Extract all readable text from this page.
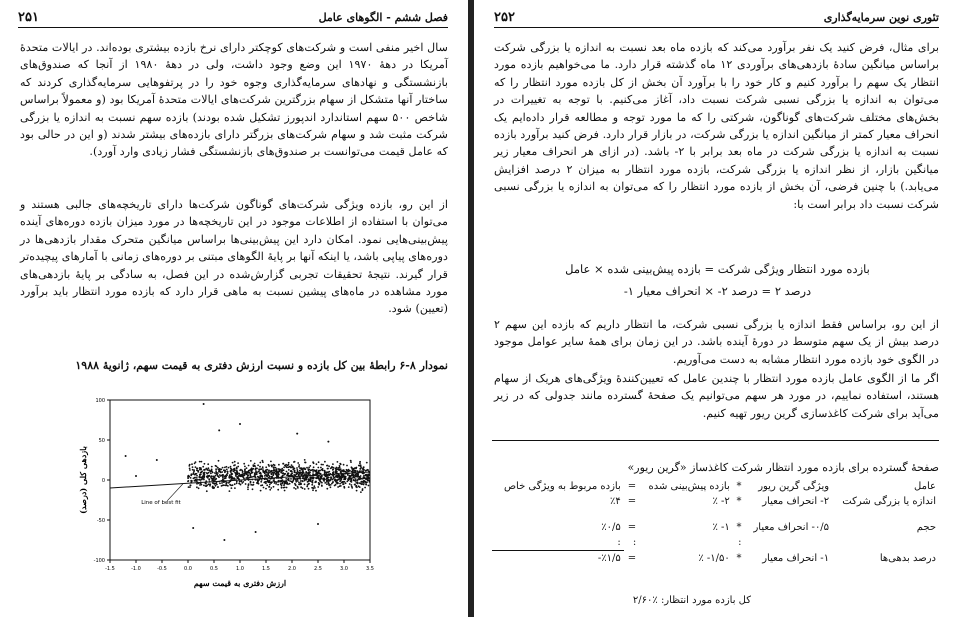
۲۵۱	فصل ششم - الگوهای عامل

سال اخیر منفی است و شرکت‌های کوچکتر دارای نرخ بازده بیشتری بوده‌اند. در ایالات متحدهٔ آمریکا در دههٔ ۱۹۷۰ این وضع وجود داشت، ولی در دههٔ ۱۹۸۰ از آنجا که صندوق‌های بازنشستگی و نهادهای سرمایه‌گذاری وجوه خود را در پرتفوهایی سرمایه‌گذاری کردند که ساختار آنها متشکل از سهام بزرگترین شرکت‌های ایالات متحدهٔ آمریکا بود (و معمولاً براساس شاخص ۵۰۰ سهم استاندارد اندپورز تشکیل شده بودند) بازده سهم نسبت به اندازه یا بزرگی شرکت مثبت شد و سهام شرکت‌های بزرگتر دارای بازده‌های بیشتر شدند (و این در حالی بود که عامل قیمت می‌توانست بر صندوق‌های بازنشستگی فشار زیادی وارد آورد).

از این رو، بازده ویژگی شرکت‌های گوناگون شرکت‌ها دارای تاریخچه‌های جالبی هستند و می‌توان با استفاده از اطلاعات موجود در این تاریخچه‌ها در مورد میزان بازده دوره‌های آینده پیش‌بینی‌هایی نمود. امکان دارد این پیش‌بینی‌ها براساس میانگین متحرک مقدار بازدهی‌ها در دوره‌های پیاپی باشد، یا اینکه آنها بر پایهٔ الگوهای مبتنی بر دوره‌های زمانی با آمارهای پیچیده‌تر قرار گیرند. نتیجهٔ تحقیقات تجربی گزارش‌شده در این فصل، به سادگی بر پایهٔ بازدهی‌های مورد مشاهده در ماه‌های پیشین نسبت به ماهی قرار دارد که بازده مورد انتظار باید برآورد (تعیین) شود.

نمودار ۸-۶ رابطهٔ بین کل بازده و نسبت ارزش دفتری به قیمت سهم، ژانویهٔ ۱۹۸۸
100
50
0
-50
-100
-1.5	-1.0	-0.5	0.0	0.5	1.0	1.5	2.0	2.5	3.0	3.5
ارزش دفتری به قیمت سهم
بازدهی کلی (درصد)	Line of best fit
۲۵۲	تئوری نوین سرمایه‌گذاری

برای مثال، فرض کنید یک نفر برآورد می‌کند که بازده ماه بعد نسبت به اندازه یا بزرگی شرکت براساس میانگین سادهٔ بازدهی‌های برآوردی ۱۲ ماه گذشته قرار دارد. ما می‌خواهیم بازده مورد انتظار یک سهم را برآورد کنیم و کار خود را با برآورد آن بخش از کل بازده مورد انتظار را که می‌توان به اندازه یا بزرگی نسبی شرکت نسبت داد، آغاز می‌کنیم. با توجه به تغییرات در بخش‌های مختلف شرکت‌های گوناگون، شرکتی را که ما مورد توجه و مطالعه قرار داده‌ایم یک انحراف معیار کمتر از میانگین اندازه یا بزرگی شرکت، در بازار قرار دارد. فرض کنید برآورد بازده نسبت به اندازه یا بزرگی شرکت در ماه بعد برابر با ۲- باشد. (در ازای هر انحراف معیار زیر میانگین بازار، از نظر اندازه یا بزرگی شرکت، بازده مورد انتظار به میزان ۲ درصد افزایش می‌یابد.) با چنین فرضی، آن بخش از بازده مورد انتظار را که می‌توان به اندازه یا بزرگی نسبی شرکت نسبت داد برابر است با:

بازده مورد انتظار ویژگی شرکت = بازده پیش‌بینی شده × عامل
درصد ۲ = درصد ۲- × انحراف معیار ۱-

از این رو، براساس فقط اندازه یا بزرگی نسبی شرکت، ما انتظار داریم که بازده این سهم ۲ درصد بیش از یک سهم متوسط در دورهٔ آینده باشد. در این زمان برای همهٔ سایر عوامل موجود در الگوی خود بازده مورد انتظار مشابه به دست می‌آوریم.

اگر ما از الگوی عامل بازده مورد انتظار با چندین عامل که تعیین‌کنندهٔ ویژگی‌های هریک از سهام هستند، استفاده نماییم، در مورد هر سهم می‌توانیم یک صفحهٔ گسترده مانند جدولی که در زیر می‌آید برای شرکت کاغذسازی گرین ریور تهیه کنیم.

صفحهٔ گسترده برای بازده مورد انتظار شرکت کاغذساز «گرین ریور»
عامل	ویژگی گرین ریور	*	بازده پیش‌بینی شده	=	بازده مربوط به ویژگی خاص
اندازه یا بزرگی شرکت	۲- انحراف معیار	*	۲- ٪	=	٪۴
حجم	۰/۵- انحراف معیار	*	۱- ٪	=	٪۰/۵
		:		:	:
درصد بدهی‌ها	۱- انحراف معیار	*	۱/۵۰- ٪	=	٪۱/۵-
کل بازده مورد انتظار: ٪۲/۶۰
